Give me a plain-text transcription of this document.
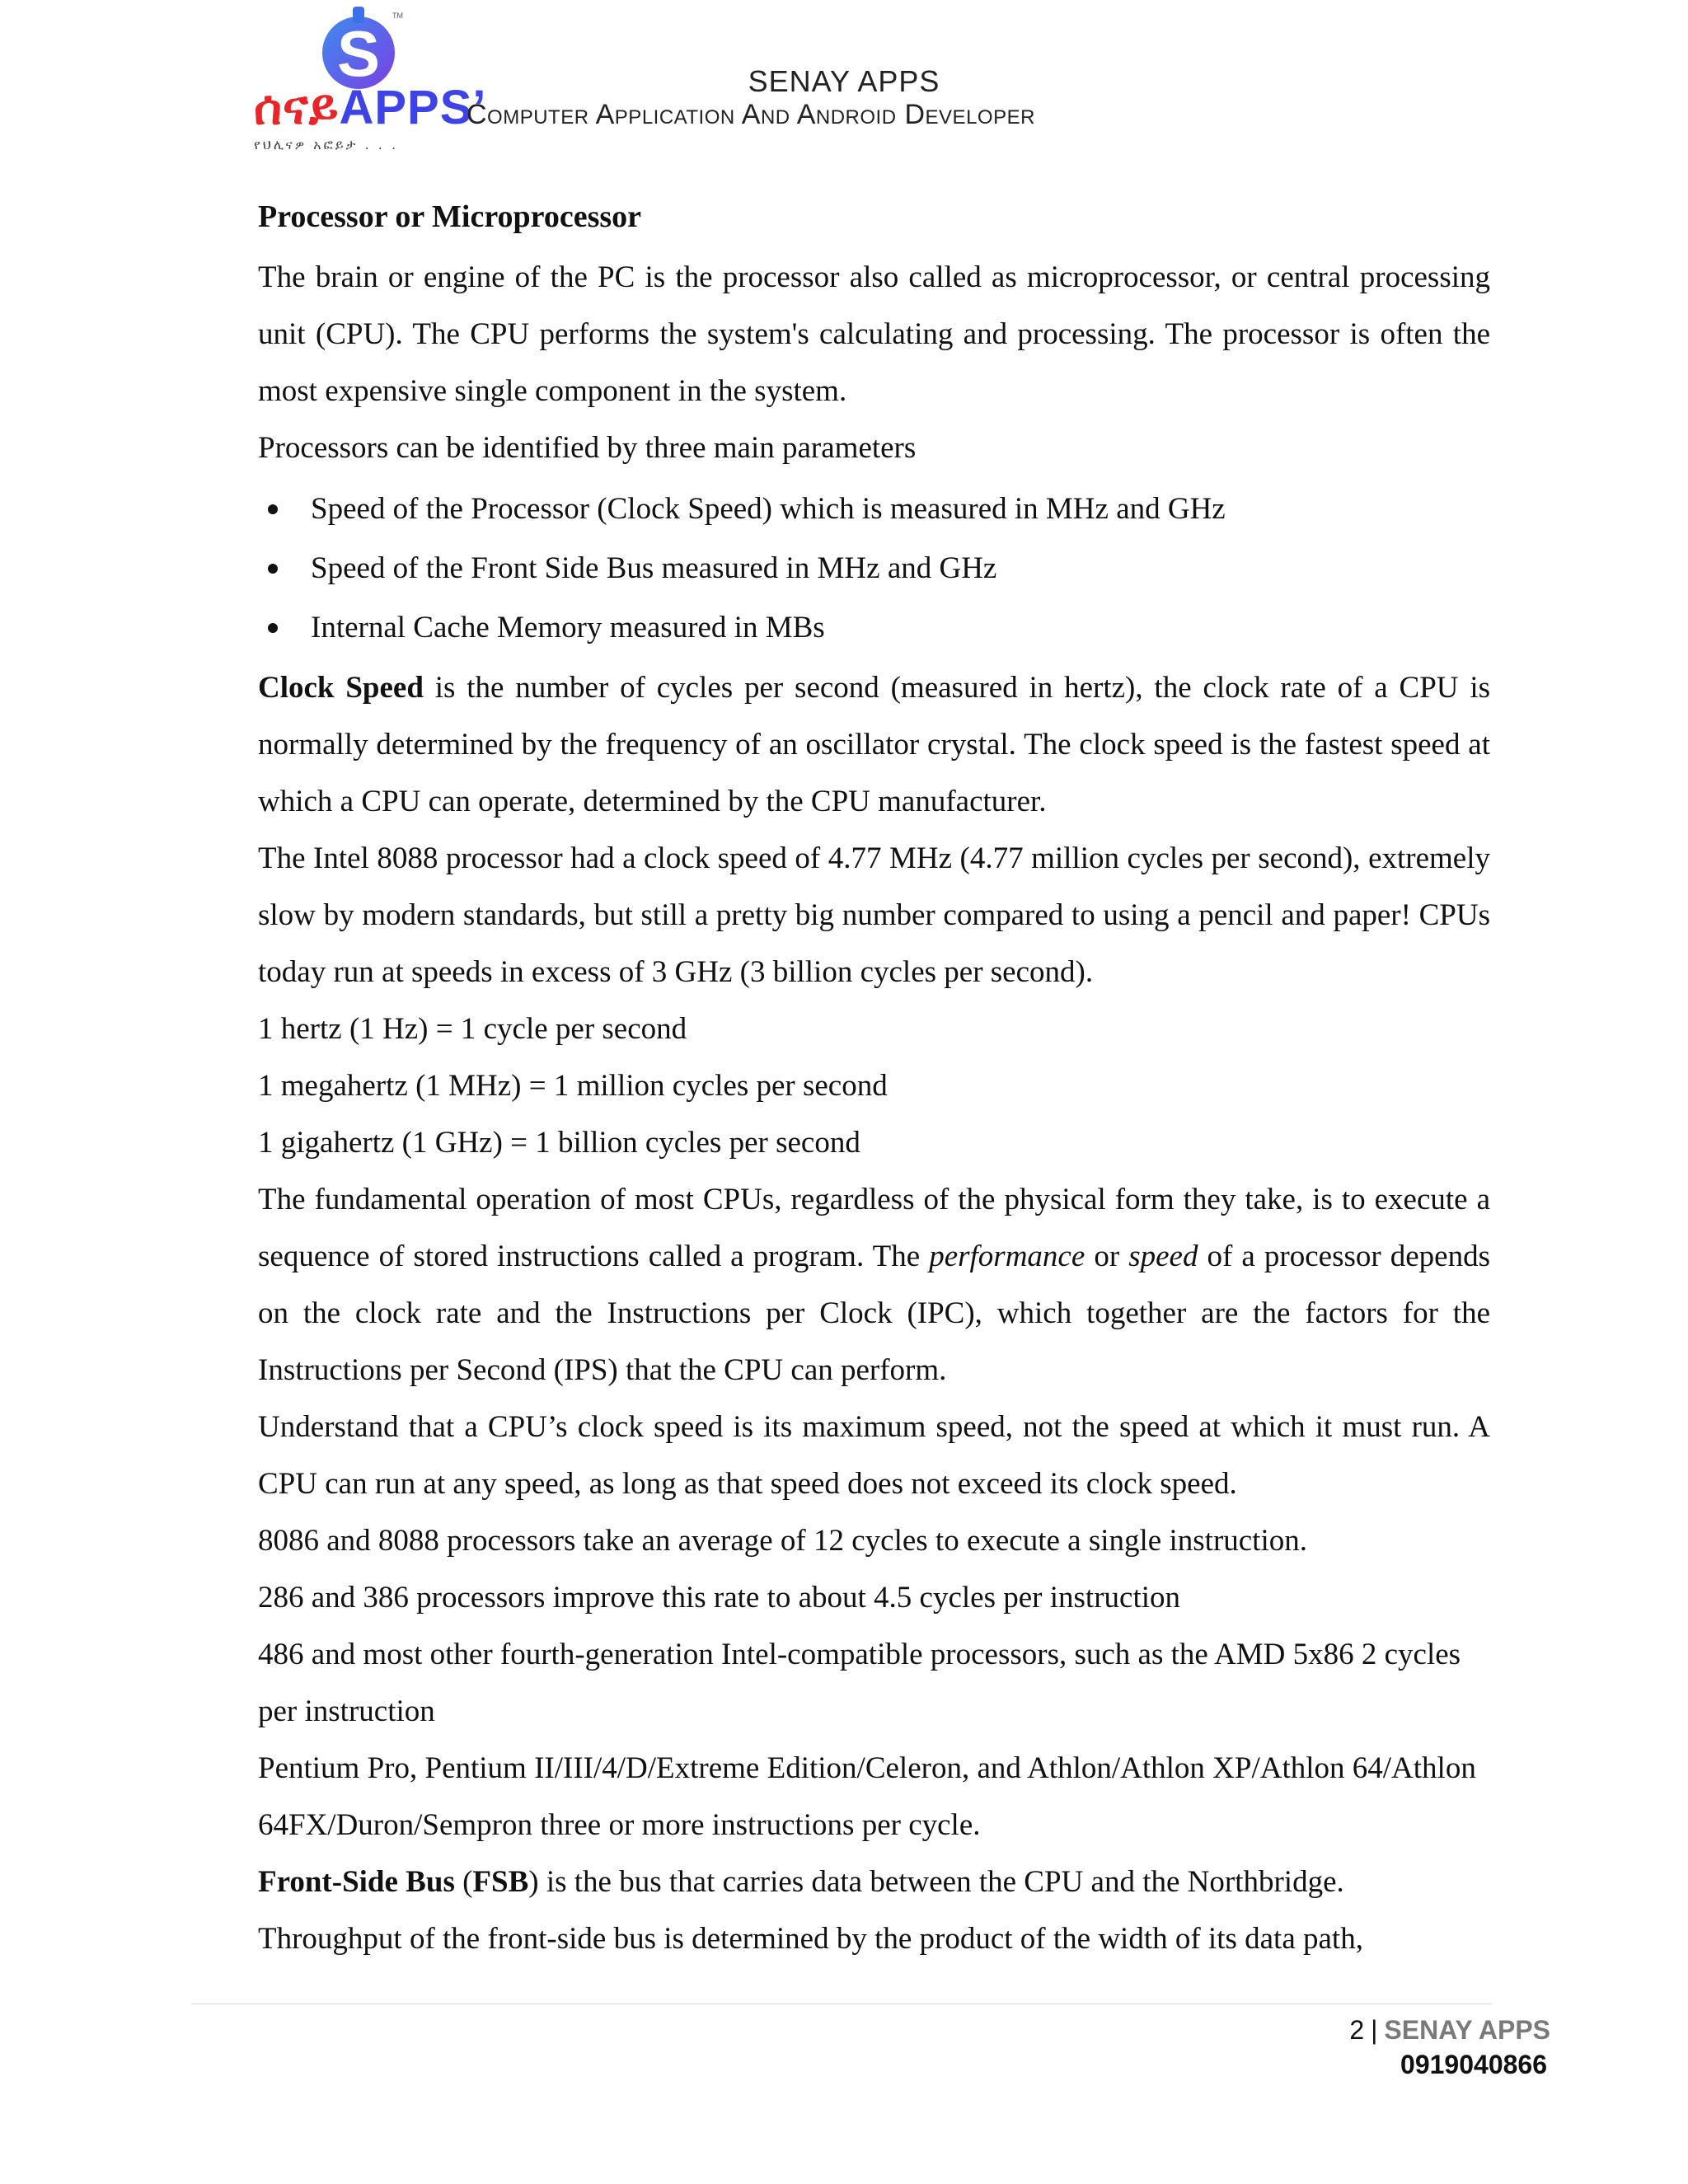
S
TM
ሰናይAPPS’
የህሊናዎ አፎይታ . . .
SENAY APPS
Computer Application And Android Developer

Processor or Microprocessor

The brain or engine of the PC is the processor also called as microprocessor, or central processing unit (CPU). The CPU performs the system's calculating and processing. The processor is often the most expensive single component in the system.

Processors can be identified by three main parameters

Speed of the Processor (Clock Speed) which is measured in MHz and GHz
Speed of the Front Side Bus measured in MHz and GHz
Internal Cache Memory measured in MBs

Clock Speed is the number of cycles per second (measured in hertz), the clock rate of a CPU is normally determined by the frequency of an oscillator crystal. The clock speed is the fastest speed at which a CPU can operate, determined by the CPU manufacturer.

The Intel 8088 processor had a clock speed of 4.77 MHz (4.77 million cycles per second), extremely slow by modern standards, but still a pretty big number compared to using a pencil and paper! CPUs today run at speeds in excess of 3 GHz (3 billion cycles per second).

1 hertz (1 Hz) = 1 cycle per second

1 megahertz (1 MHz) = 1 million cycles per second

1 gigahertz (1 GHz) = 1 billion cycles per second

The fundamental operation of most CPUs, regardless of the physical form they take, is to execute a sequence of stored instructions called a program. The performance or speed of a processor depends on the clock rate and the Instructions per Clock (IPC), which together are the factors for the Instructions per Second (IPS) that the CPU can perform.

Understand that a CPU’s clock speed is its maximum speed, not the speed at which it must run. A CPU can run at any speed, as long as that speed does not exceed its clock speed.

8086 and 8088 processors take an average of 12 cycles to execute a single instruction.

286 and 386 processors improve this rate to about 4.5 cycles per instruction

486 and most other fourth-generation Intel-compatible processors, such as the AMD 5x86 2 cycles per instruction

Pentium Pro, Pentium II/III/4/D/Extreme Edition/Celeron, and Athlon/Athlon XP/Athlon 64/Athlon 64FX/Duron/Sempron three or more instructions per cycle.

Front-Side Bus (FSB) is the bus that carries data between the CPU and the Northbridge.

Throughput of the front-side bus is determined by the product of the width of its data path,

2 | SENAY APPS
0919040866
